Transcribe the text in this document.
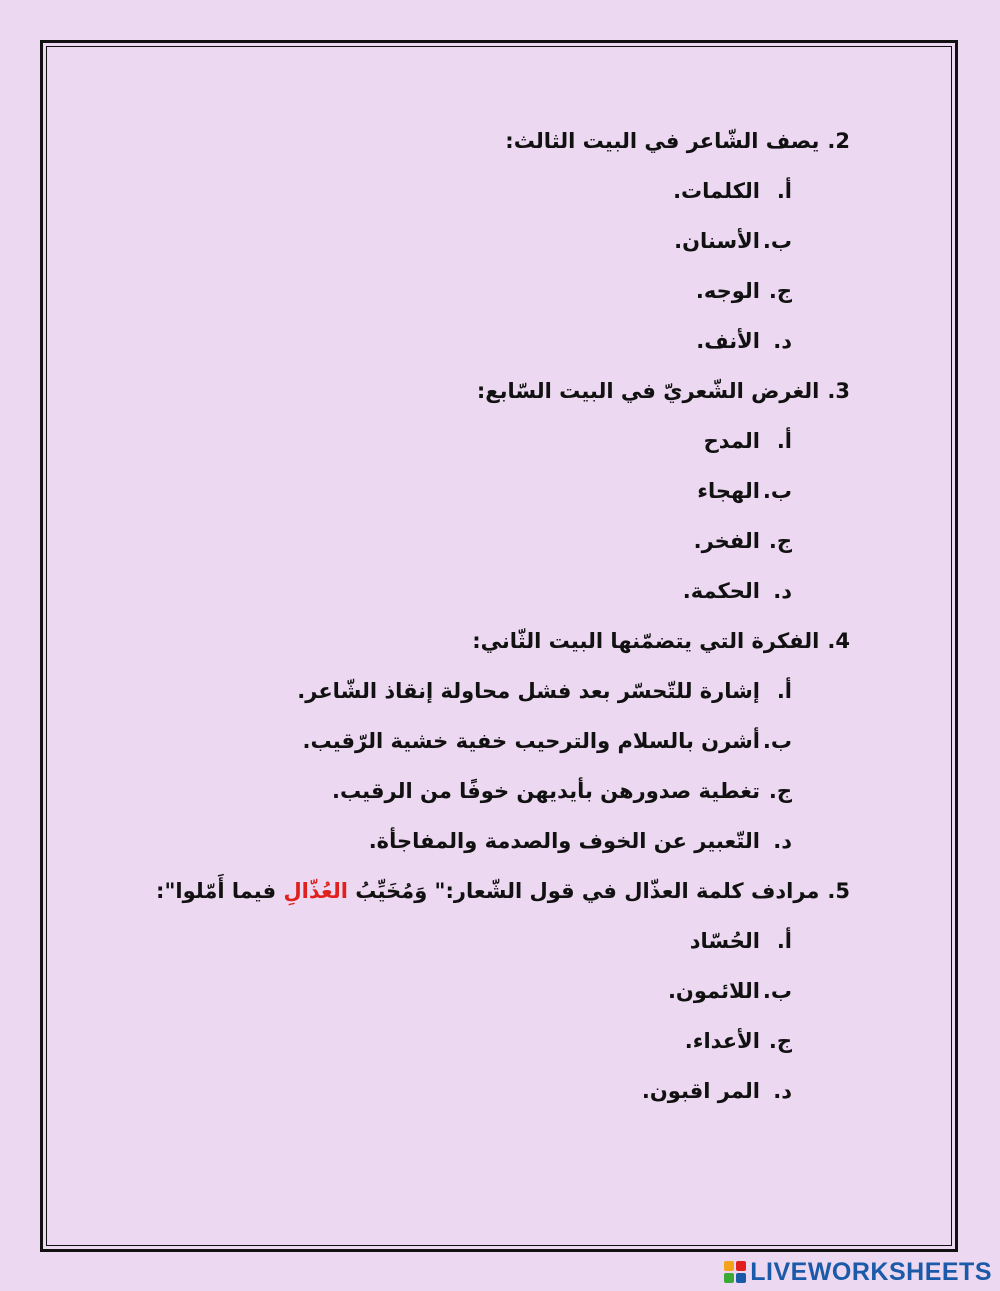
2.يصف الشّاعر في البيت الثالث:
أ.الكلمات.
ب.الأسنان.
ج.الوجه.
د.الأنف.
3.الغرض الشّعريّ في البيت السّابع:
أ.المدح
ب.الهجاء
ج.الفخر.
د.الحكمة.
4.الفكرة التي يتضمّنها البيت الثّاني:
أ.إشارة للتّحسّر بعد فشل محاولة إنقاذ الشّاعر.
ب.أشرن بالسلام والترحيب خفية خشية الرّقيب.
ج.تغطية صدورهن بأيديهن خوفًا من الرقيب.
د.التّعبير عن الخوف والصدمة والمفاجأة.
5.مرادف كلمة العذّال في قول الشّعار:" وَمُخَيِّبُ العُذّالِ فيما أَمّلوا":
أ.الحُسّاد
ب.اللائمون.
ج.الأعداء.
د.المر اقبون.
LIVEWORKSHEETS
